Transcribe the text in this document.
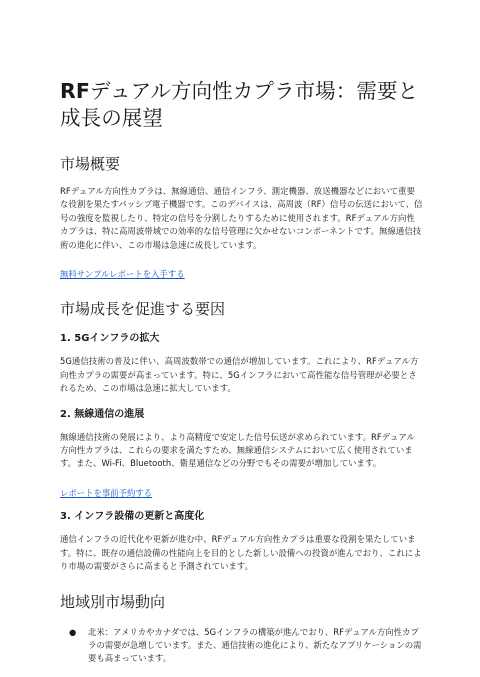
RFデュアル方向性カプラ市場：需要と成長の展望
市場概要

RFデュアル方向性カプラは、無線通信、通信インフラ、測定機器、放送機器などにおいて重要な役割を果たすパッシブ電子機器です。このデバイスは、高周波（RF）信号の伝送において、信号の強度を監視したり、特定の信号を分割したりするために使用されます。RFデュアル方向性カプラは、特に高周波帯域での効率的な信号管理に欠かせないコンポーネントです。無線通信技術の進化に伴い、この市場は急速に成長しています。

無料サンプルレポートを入手する
市場成長を促進する要因
1. 5Gインフラの拡大

5G通信技術の普及に伴い、高周波数帯での通信が増加しています。これにより、RFデュアル方向性カプラの需要が高まっています。特に、5Gインフラにおいて高性能な信号管理が必要とされるため、この市場は急速に拡大しています。

2. 無線通信の進展

無線通信技術の発展により、より高精度で安定した信号伝送が求められています。RFデュアル方向性カプラは、これらの要求を満たすため、無線通信システムにおいて広く使用されています。また、Wi-Fi、Bluetooth、衛星通信などの分野でもその需要が増加しています。

レポートを事前予約する
3. インフラ設備の更新と高度化

通信インフラの近代化や更新が進む中、RFデュアル方向性カプラは重要な役割を果たしています。特に、既存の通信設備の性能向上を目的とした新しい設備への投資が進んでおり、これにより市場の需要がさらに高まると予測されています。

地域別市場動向
● 北米：アメリカやカナダでは、5Gインフラの構築が進んでおり、RFデュアル方向性カプラの需要が急増しています。また、通信技術の進化により、新たなアプリケーションの需要も高まっています。
